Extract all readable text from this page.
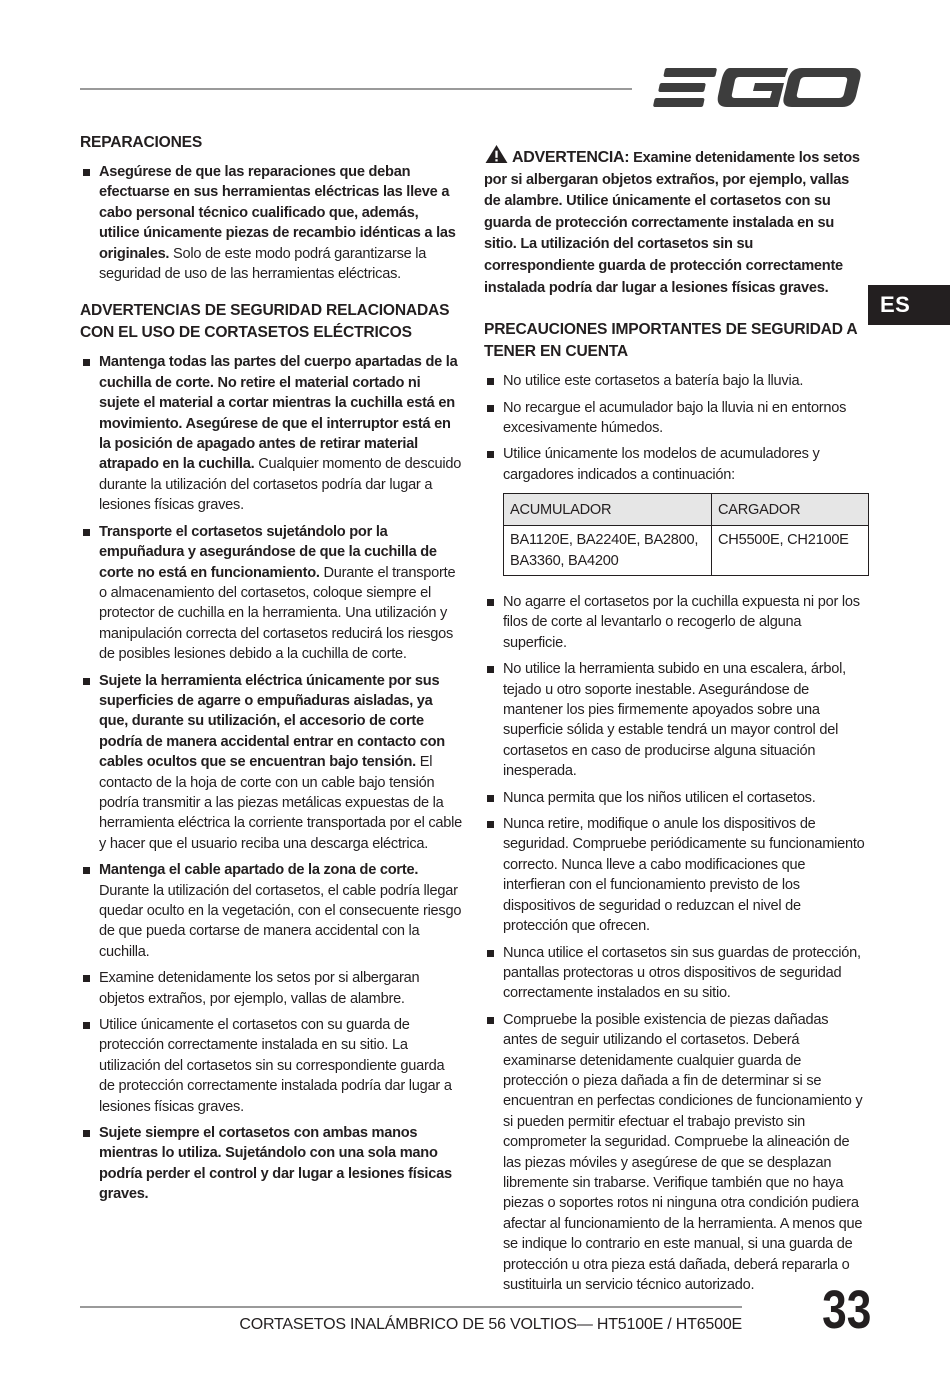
ES
REPARACIONES
Asegúrese de que las reparaciones que deban efectuarse en sus herramientas eléctricas las lleve a cabo personal técnico cualificado que, además, utilice únicamente piezas de recambio idénticas a las originales. Solo de este modo podrá garantizarse la seguridad de uso de las herramientas eléctricas.
ADVERTENCIAS DE SEGURIDAD RELACIONADAS CON EL USO DE CORTASETOS ELÉCTRICOS
Mantenga todas las partes del cuerpo apartadas de la cuchilla de corte. No retire el material cortado ni sujete el material a cortar mientras la cuchilla está en movimiento. Asegúrese de que el interruptor está en la posición de apagado antes de retirar material atrapado en la cuchilla. Cualquier momento de descuido durante la utilización del cortasetos podría dar lugar a lesiones físicas graves.
Transporte el cortasetos sujetándolo por la empuñadura y asegurándose de que la cuchilla de corte no está en funcionamiento. Durante el transporte o almacenamiento del cortasetos, coloque siempre el protector de cuchilla en la herramienta. Una utilización y manipulación correcta del cortasetos reducirá los riesgos de posibles lesiones debido a la cuchilla de corte.
Sujete la herramienta eléctrica únicamente por sus superficies de agarre o empuñaduras aisladas, ya que, durante su utilización, el accesorio de corte podría de manera accidental entrar en contacto con cables ocultos que se encuentran bajo tensión. El contacto de la hoja de corte con un cable bajo tensión podría transmitir a las piezas metálicas expuestas de la herramienta eléctrica la corriente transportada por el cable y hacer que el usuario reciba una descarga eléctrica.
Mantenga el cable apartado de la zona de corte. Durante la utilización del cortasetos, el cable podría llegar quedar oculto en la vegetación, con el consecuente riesgo de que pueda cortarse de manera accidental con la cuchilla.
Examine detenidamente los setos por si albergaran objetos extraños, por ejemplo, vallas de alambre.
Utilice únicamente el cortasetos con su guarda de protección correctamente instalada en su sitio. La utilización del cortasetos sin su correspondiente guarda de protección correctamente instalada podría dar lugar a lesiones físicas graves.
Sujete siempre el cortasetos con ambas manos mientras lo utiliza. Sujetándolo con una sola mano podría perder el control y dar lugar a lesiones físicas graves.
ADVERTENCIA: Examine detenidamente los setos por si albergaran objetos extraños, por ejemplo, vallas de alambre. Utilice únicamente el cortasetos con su guarda de protección correctamente instalada en su sitio. La utilización del cortasetos sin su correspondiente guarda de protección correctamente instalada podría dar lugar a lesiones físicas graves.
PRECAUCIONES IMPORTANTES DE SEGURIDAD A TENER EN CUENTA
No utilice este cortasetos a batería bajo la lluvia.
No recargue el acumulador bajo la lluvia ni en entornos excesivamente húmedos.
Utilice únicamente los modelos de acumuladores y cargadores indicados a continuación:
ACUMULADOR	CARGADOR
BA1120E, BA2240E, BA2800, BA3360, BA4200	CH5500E, CH2100E
No agarre el cortasetos por la cuchilla expuesta ni por los filos de corte al levantarlo o recogerlo de alguna superficie.
No utilice la herramienta subido en una escalera, árbol, tejado u otro soporte inestable. Asegurándose de mantener los pies firmemente apoyados sobre una superficie sólida y estable tendrá un mayor control del cortasetos en caso de producirse alguna situación inesperada.
Nunca permita que los niños utilicen el cortasetos.
Nunca retire, modifique o anule los dispositivos de seguridad. Compruebe periódicamente su funcionamiento correcto. Nunca lleve a cabo modificaciones que interfieran con el funcionamiento previsto de los dispositivos de seguridad o reduzcan el nivel de protección que ofrecen.
Nunca utilice el cortasetos sin sus guardas de protección, pantallas protectoras u otros dispositivos de seguridad correctamente instalados en su sitio.
Compruebe la posible existencia de piezas dañadas antes de seguir utilizando el cortasetos. Deberá examinarse detenidamente cualquier guarda de protección o pieza dañada a fin de determinar si se encuentran en perfectas condiciones de funcionamiento y si pueden permitir efectuar el trabajo previsto sin comprometer la seguridad. Compruebe la alineación de las piezas móviles y asegúrese de que se desplazan libremente sin trabarse. Verifique también que no haya piezas o soportes rotos ni ninguna otra condición pudiera afectar al funcionamiento de la herramienta. A menos que se indique lo contrario en este manual, si una guarda de protección u otra pieza está dañada, deberá repararla o sustituirla un servicio técnico autorizado.
CORTASETOS INALÁMBRICO DE 56 VOLTIOS— HT5100E / HT6500E 33
